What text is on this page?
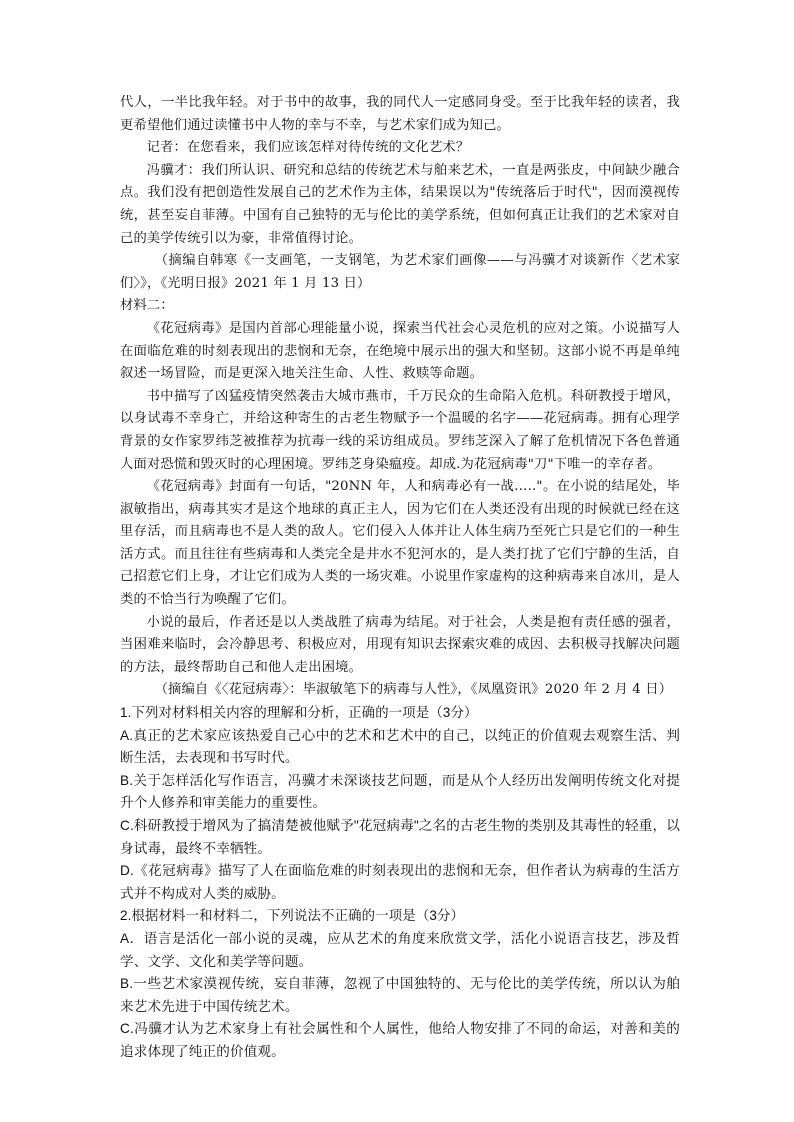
代人，一半比我年轻。对于书中的故事，我的同代人一定感同身受。至于比我年轻的读者，我更希望他们通过读懂书中人物的幸与不幸，与艺术家们成为知己。

记者：在您看来，我们应该怎样对待传统的文化艺术？

冯骥才：我们所认识、研究和总结的传统艺术与舶来艺术，一直是两张皮，中间缺少融合点。我们没有把创造性发展自己的艺术作为主体，结果误以为"传统落后于时代"，因而漠视传统，甚至妄自菲薄。中国有自己独特的无与伦比的美学系统，但如何真正让我们的艺术家对自己的美学传统引以为豪，非常值得讨论。

（摘编自韩寒《一支画笔，一支钢笔，为艺术家们画像——与冯骥才对谈新作〈艺术家们〉》，《光明日报》2021 年 1 月 13 日）

材料二：

《花冠病毒》是国内首部心理能量小说，探索当代社会心灵危机的应对之策。小说描写人在面临危难的时刻表现出的悲悯和无奈，在绝境中展示出的强大和坚韧。这部小说不再是单纯叙述一场冒险，而是更深入地关注生命、人性、救赎等命题。

书中描写了凶猛疫情突然袭击大城市燕市，千万民众的生命陷入危机。科研教授于增风，以身试毒不幸身亡，并给这种寄生的古老生物赋予一个温暖的名字——花冠病毒。拥有心理学背景的女作家罗纬芝被推荐为抗毒一线的采访组成员。罗纬芝深入了解了危机情况下各色普通人面对恐慌和毁灭时的心理困境。罗纬芝身染瘟疫。却成.为花冠病毒"刀"下唯一的幸存者。

《花冠病毒》封面有一句话，"20NN 年，人和病毒必有一战….."。在小说的结尾处，毕淑敏指出，病毒其实才是这个地球的真正主人，因为它们在人类还没有出现的时候就已经在这里存活，而且病毒也不是人类的敌人。它们侵入人体并让人体生病乃至死亡只是它们的一种生活方式。而且往往有些病毒和人类完全是井水不犯河水的，是人类打扰了它们宁静的生活，自己招惹它们上身，才让它们成为人类的一场灾难。小说里作家虚构的这种病毒来自冰川，是人类的不恰当行为唤醒了它们。

小说的最后，作者还是以人类战胜了病毒为结尾。对于社会，人类是抱有责任感的强者，当困难来临时，会冷静思考、积极应对，用现有知识去探索灾难的成因、去积极寻找解决问题的方法，最终帮助自己和他人走出困境。

（摘编自《〈花冠病毒〉：毕淑敏笔下的病毒与人性》，《凤凰资讯》2020 年 2 月 4 日）

1.下列对材料相关内容的理解和分析，正确的一项是（3分）

A.真正的艺术家应该热爱自己心中的艺术和艺术中的自己，以纯正的价值观去观察生活、判断生活，去表现和书写时代。

B.关于怎样活化写作语言，冯骥才未深谈技艺问题，而是从个人经历出发阐明传统文化对提升个人修养和审美能力的重要性。

C.科研教授于增风为了搞清楚被他赋予"花冠病毒"之名的古老生物的类别及其毒性的轻重，以身试毒，最终不幸牺牲。

D.《花冠病毒》描写了人在面临危难的时刻表现出的悲悯和无奈，但作者认为病毒的生活方式并不构成对人类的威胁。

2.根据材料一和材料二，下列说法不正确的一项是（3分）

A．语言是活化一部小说的灵魂，应从艺术的角度来欣赏文学，活化小说语言技艺，涉及哲学、文学、文化和美学等问题。

B.一些艺术家漠视传统，妄自菲薄，忽视了中国独特的、无与伦比的美学传统，所以认为舶来艺术先进于中国传统艺术。

C.冯骥才认为艺术家身上有社会属性和个人属性，他给人物安排了不同的命运，对善和美的追求体现了纯正的价值观。
